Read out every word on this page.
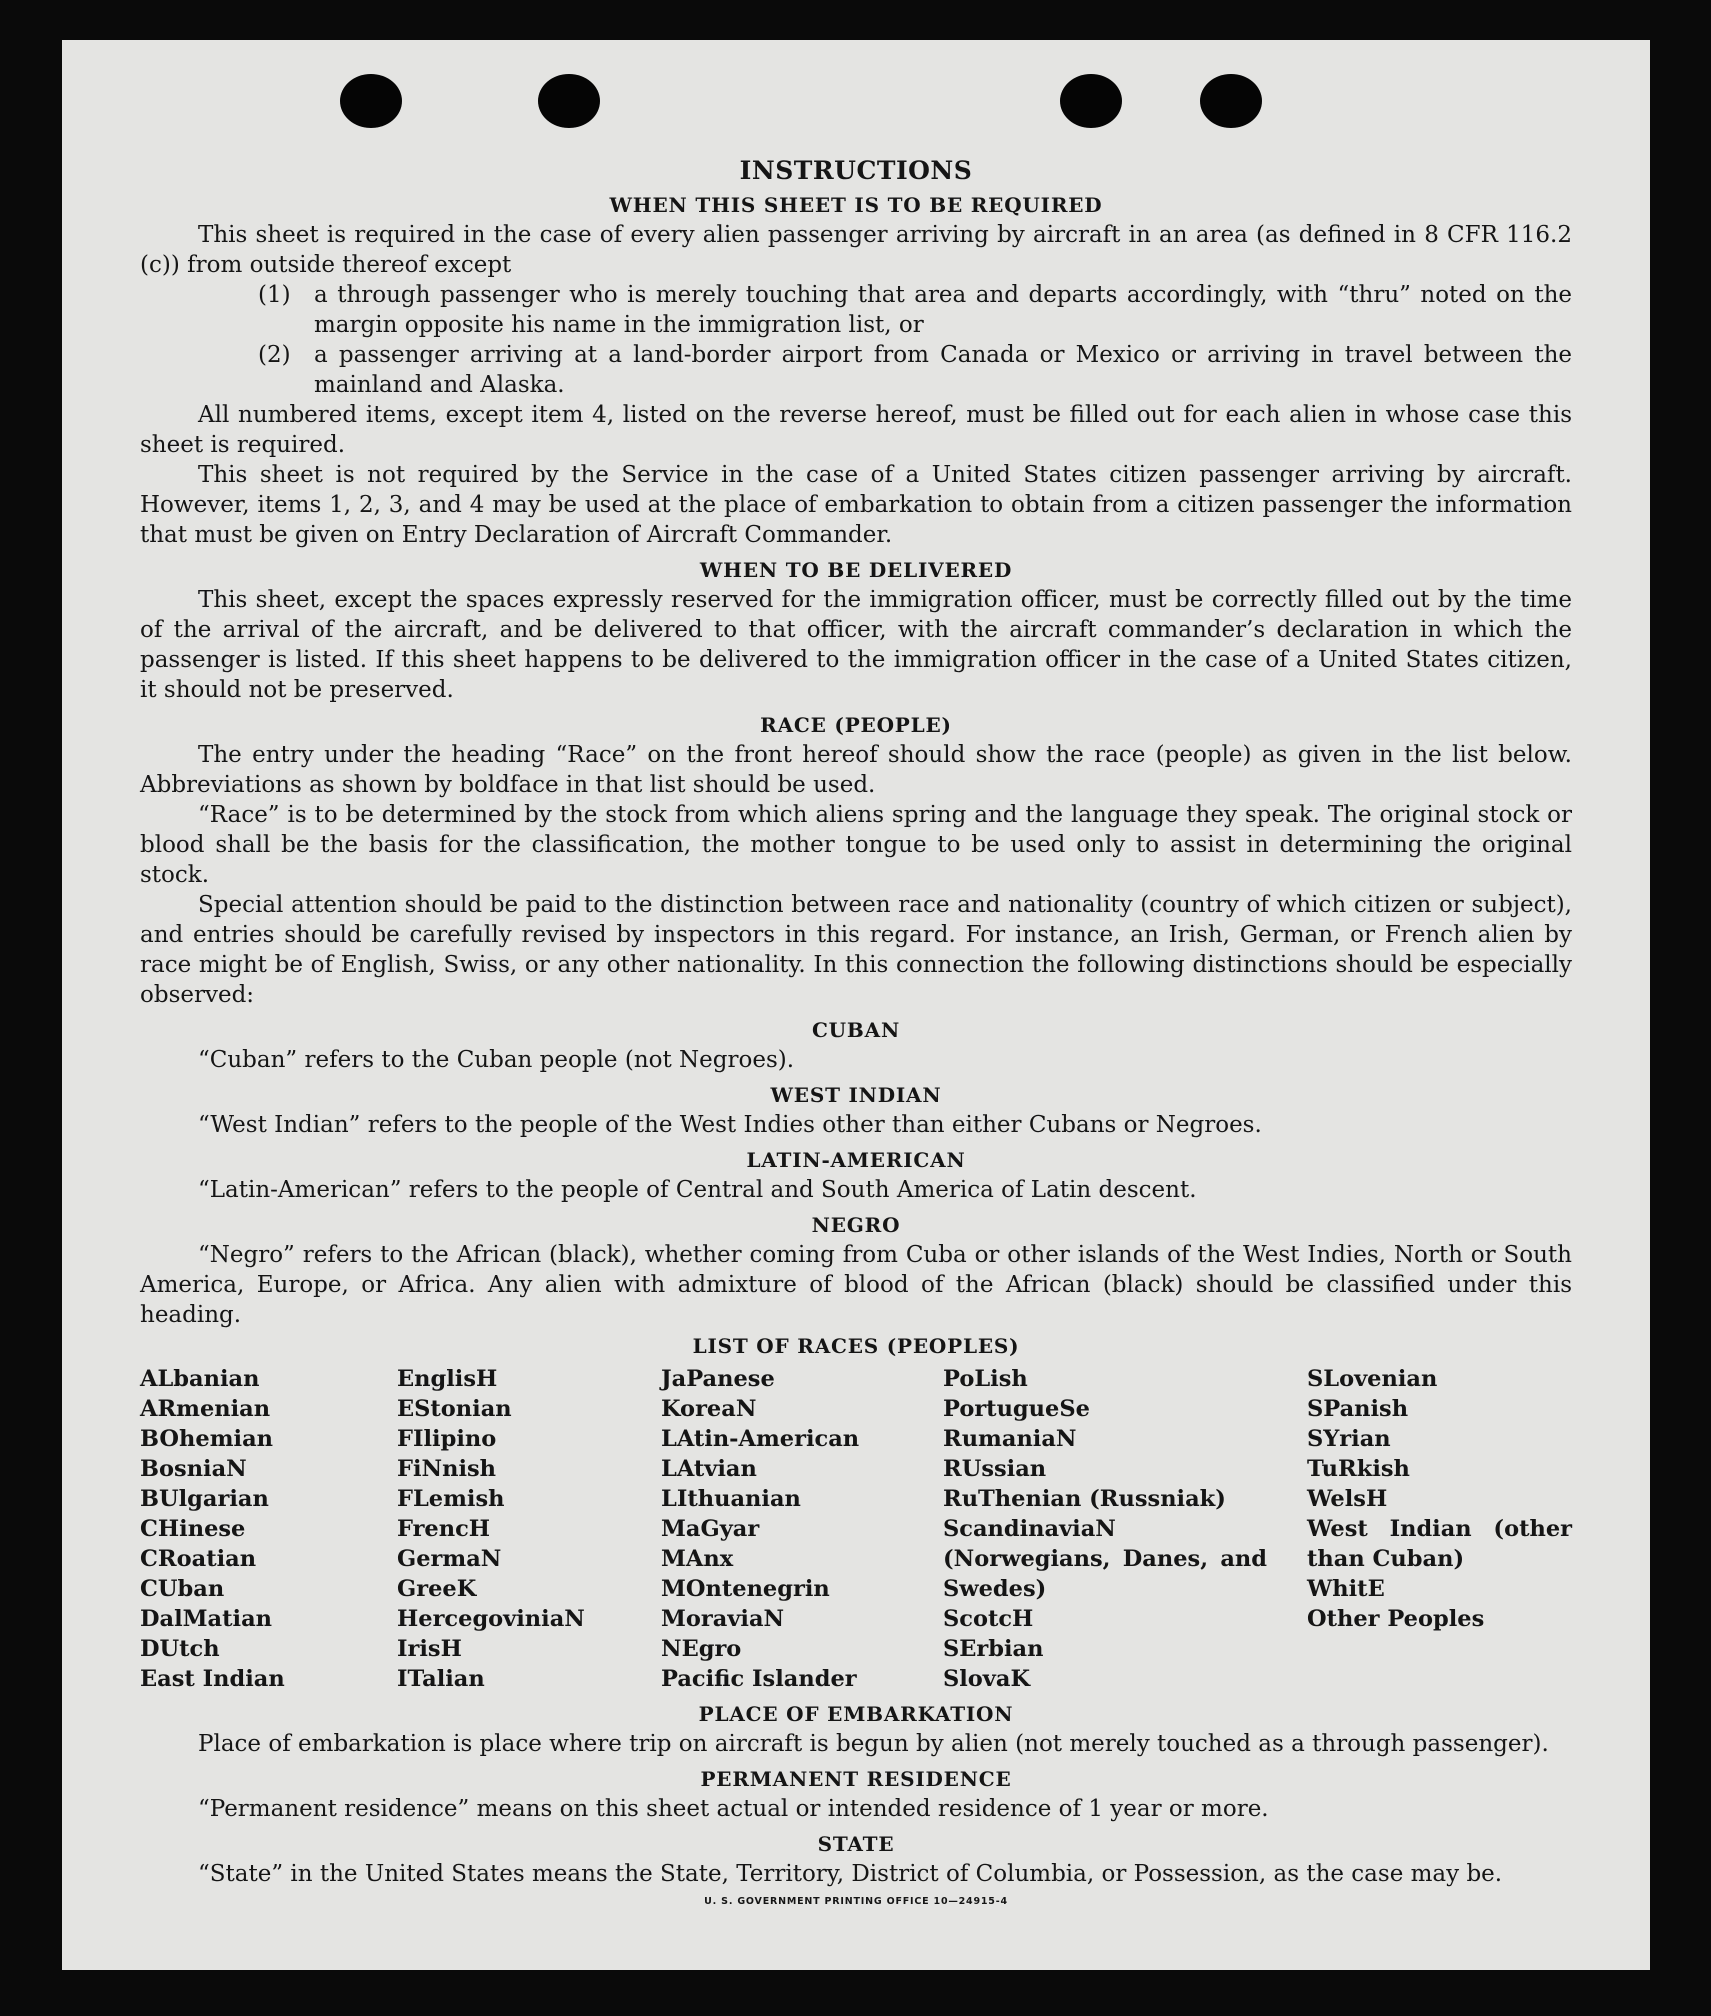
INSTRUCTIONS
WHEN THIS SHEET IS TO BE REQUIRED

This sheet is required in the case of every alien passenger arriving by aircraft in an area (as defined in 8 CFR 116.2 (c)) from outside thereof except

(1)	a through passenger who is merely touching that area and departs accordingly, with “thru” noted on the margin opposite his name in the immigration list, or
(2)	a passenger arriving at a land-border airport from Canada or Mexico or arriving in travel between the mainland and Alaska.

All numbered items, except item 4, listed on the reverse hereof, must be filled out for each alien in whose case this sheet is required.

This sheet is not required by the Service in the case of a United States citizen passenger arriving by aircraft. However, items 1, 2, 3, and 4 may be used at the place of embarkation to obtain from a citizen passenger the information that must be given on Entry Declaration of Aircraft Commander.

WHEN TO BE DELIVERED

This sheet, except the spaces expressly reserved for the immigration officer, must be correctly filled out by the time of the arrival of the aircraft, and be delivered to that officer, with the aircraft commander’s declaration in which the passenger is listed. If this sheet happens to be delivered to the immigration officer in the case of a United States citizen, it should not be preserved.

RACE (PEOPLE)

The entry under the heading “Race” on the front hereof should show the race (people) as given in the list below. Abbreviations as shown by boldface in that list should be used.

“Race” is to be determined by the stock from which aliens spring and the language they speak. The original stock or blood shall be the basis for the classification, the mother tongue to be used only to assist in determining the original stock.

Special attention should be paid to the distinction between race and nationality (country of which citizen or subject), and entries should be carefully revised by inspectors in this regard. For instance, an Irish, German, or French alien by race might be of English, Swiss, or any other nationality. In this connection the following distinctions should be especially observed:

CUBAN

“Cuban” refers to the Cuban people (not Negroes).

WEST INDIAN

“West Indian” refers to the people of the West Indies other than either Cubans or Negroes.

LATIN-AMERICAN

“Latin-American” refers to the people of Central and South America of Latin descent.

NEGRO

“Negro” refers to the African (black), whether coming from Cuba or other islands of the West Indies, North or South America, Europe, or Africa. Any alien with admixture of blood of the African (black) should be classified under this heading.

LIST OF RACES (PEOPLES)
ALbanian
ARmenian
BOhemian
BosniaN
BUlgarian
CHinese
CRoatian
CUban
DalMatian
DUtch
East Indian
EnglisH
EStonian
FIlipino
FiNnish
FLemish
FrencH
GermaN
GreeK
HercegoviniaN
IrisH
ITalian
JaPanese
KoreaN
LAtin-American
LAtvian
LIthuanian
MaGyar
MAnx
MOntenegrin
MoraviaN
NEgro
Pacific Islander
PoLish
PortugueSe
RumaniaN
RUssian
RuThenian (Russniak)
ScandinaviaN (Norwegians, Danes, and Swedes)
ScotcH
SErbian
SlovaK
SLovenian
SPanish
SYrian
TuRkish
WelsH
West Indian (other than Cuban)
WhitE
Other Peoples
PLACE OF EMBARKATION

Place of embarkation is place where trip on aircraft is begun by alien (not merely touched as a through passenger).

PERMANENT RESIDENCE

“Permanent residence” means on this sheet actual or intended residence of 1 year or more.

STATE

“State” in the United States means the State, Territory, District of Columbia, or Possession, as the case may be.

U. S. GOVERNMENT PRINTING OFFICE 10—24915-4
